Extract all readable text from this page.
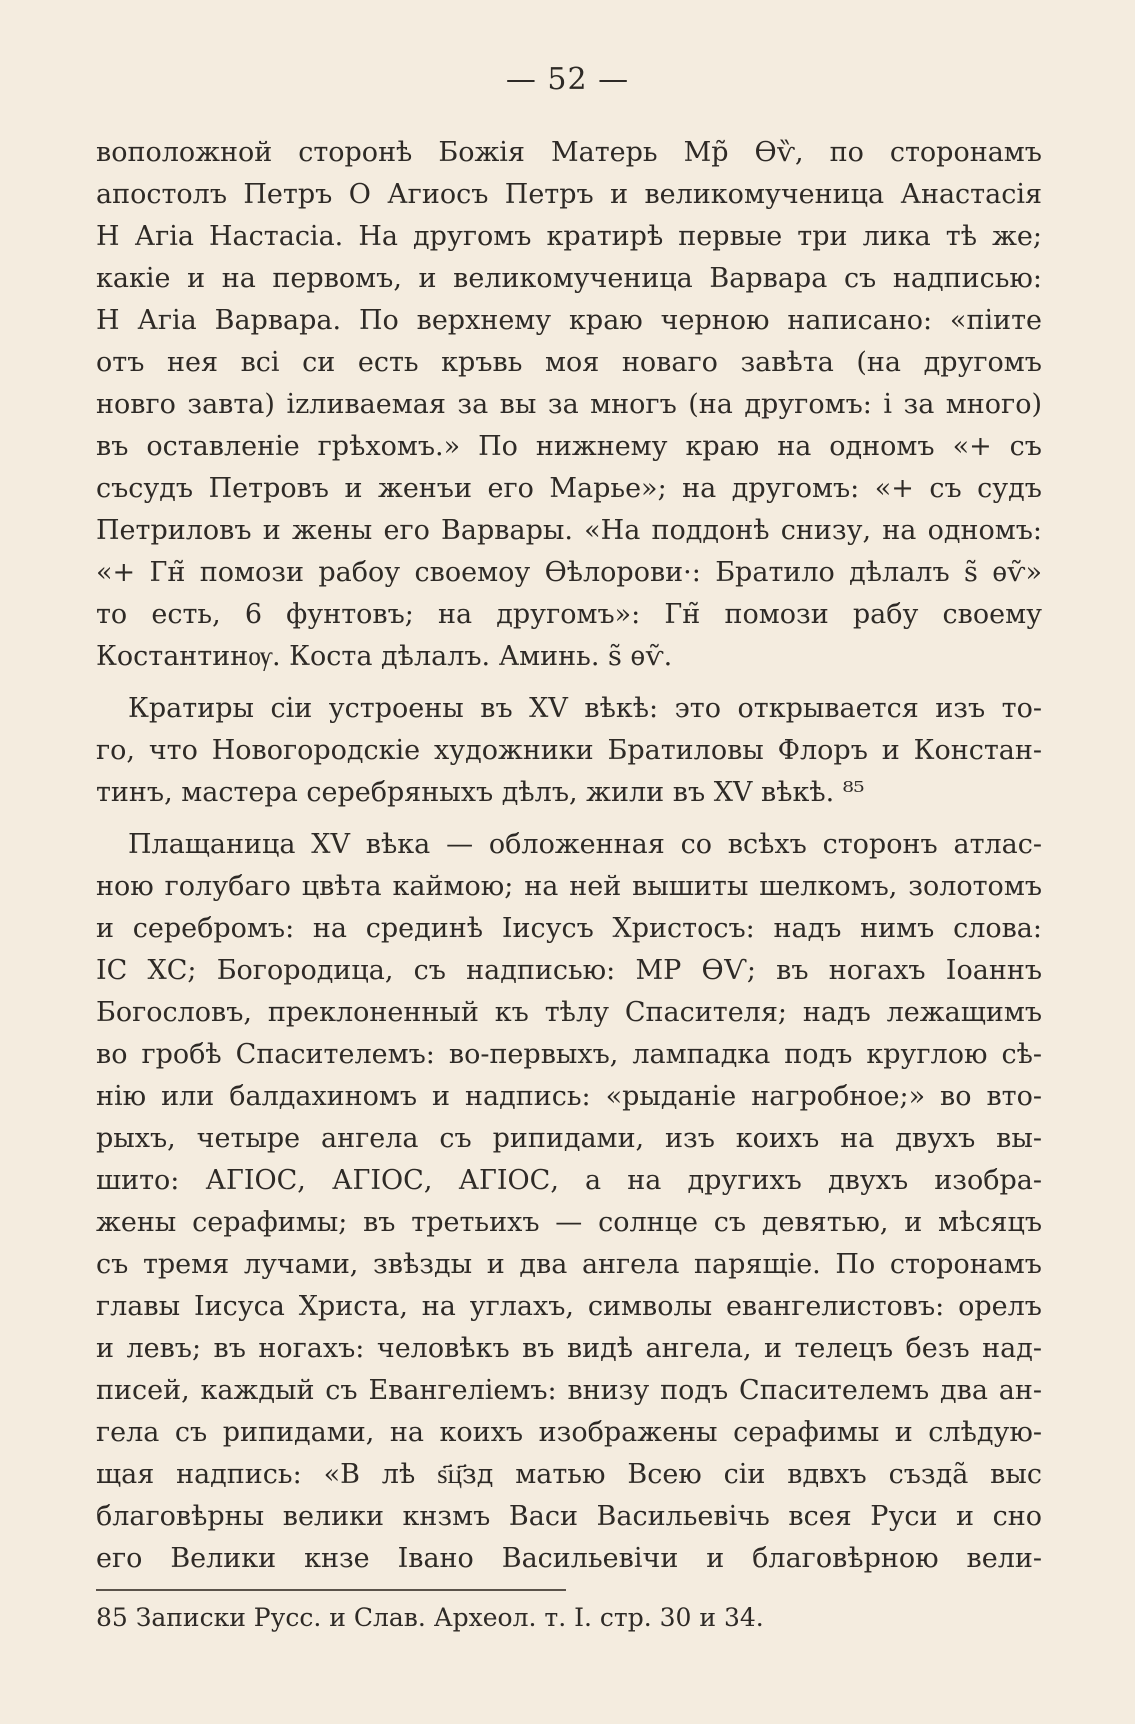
— 52 —
воположной сторонѣ Божія Матерь Мр̃ Ѳѷ, по сторонамъ
апостолъ Петръ О Агиосъ Петръ и великомученица Анастасія
Н Агіа Настасіа. На другомъ кратирѣ первые три лика тѣ же;
какіе и на первомъ, и великомученица Варвара съ надписью:
Н Агіа Варвара. По верхнему краю черною написано: «піите
отъ нея всі си есть кръвь моя новаго завѣта (на другомъ
новго завта) іzливаемая за вы за многъ (на другомъ: і за много)
въ оставленіе грѣхомъ.» По нижнему краю на одномъ «+ съ
съсудъ Петровъ и женъи его Марье»; на другомъ: «+ съ судъ
Петриловъ и жены его Варвары. «На поддонѣ снизу, на одномъ:
«+ Гн̃ помози рабоу своемоу Ѳѣлорови·: Братило дѣлалъ ѕ̃ ѳѵ̃»
то есть, 6 фунтовъ; на другомъ»: Гн̃ помози рабу своему
Костантинѹ. Коста дѣлалъ. Аминь. ѕ̃ ѳѵ̃.
Кратиры сіи устроены въ XV вѣкѣ: это открывается изъ то-
го, что Новогородскіе художники Братиловы Флоръ и Констан-
тинъ, мастера серебряныхъ дѣлъ, жили въ XV вѣкѣ. ⁸⁵
Плащаница XV вѣка — обложенная со всѣхъ сторонъ атлас-
ною голубаго цвѣта каймою; на ней вышиты шелкомъ, золотомъ
и серебромъ: на срединѣ Іисусъ Христосъ: надъ нимъ слова:
ІС ХС; Богородица, съ надписью: МР ѲѴ; въ ногахъ Іоаннъ
Богословъ, преклоненный къ тѣлу Спасителя; надъ лежащимъ
во гробѣ Спасителемъ: во-первыхъ, лампадка подъ круглою сѣ-
нію или балдахиномъ и надпись: «рыданіе нагробное;» во вто-
рыхъ, четыре ангела съ рипидами, изъ коихъ на двухъ вы-
шито: АГІОС, АГІОС, АГІОС, а на другихъ двухъ изобра-
жены серафимы; въ третьихъ — солнце съ девятью, и мѣсяцъ
съ тремя лучами, звѣзды и два ангела парящіе. По сторонамъ
главы Іисуса Христа, на углахъ, символы евангелистовъ: орелъ
и левъ; въ ногахъ: человѣкъ въ видѣ ангела, и телецъ безъ над-
писей, каждый съ Евангеліемъ: внизу подъ Спасителемъ два ан-
гела съ рипидами, на коихъ изображены серафимы и слѣдую-
щая надпись: «В лѣ ѕ҃ц҃зд матью Всею сіи вдвхъ създа̃ выс
благовѣрны велики кнзмъ Васи Васильевічь всея Руси и сно
его Велики кнзе Івано Васильевічи и благовѣрною вели-
85 Записки Русс. и Слав. Археол. т. І. стр. 30 и 34.
